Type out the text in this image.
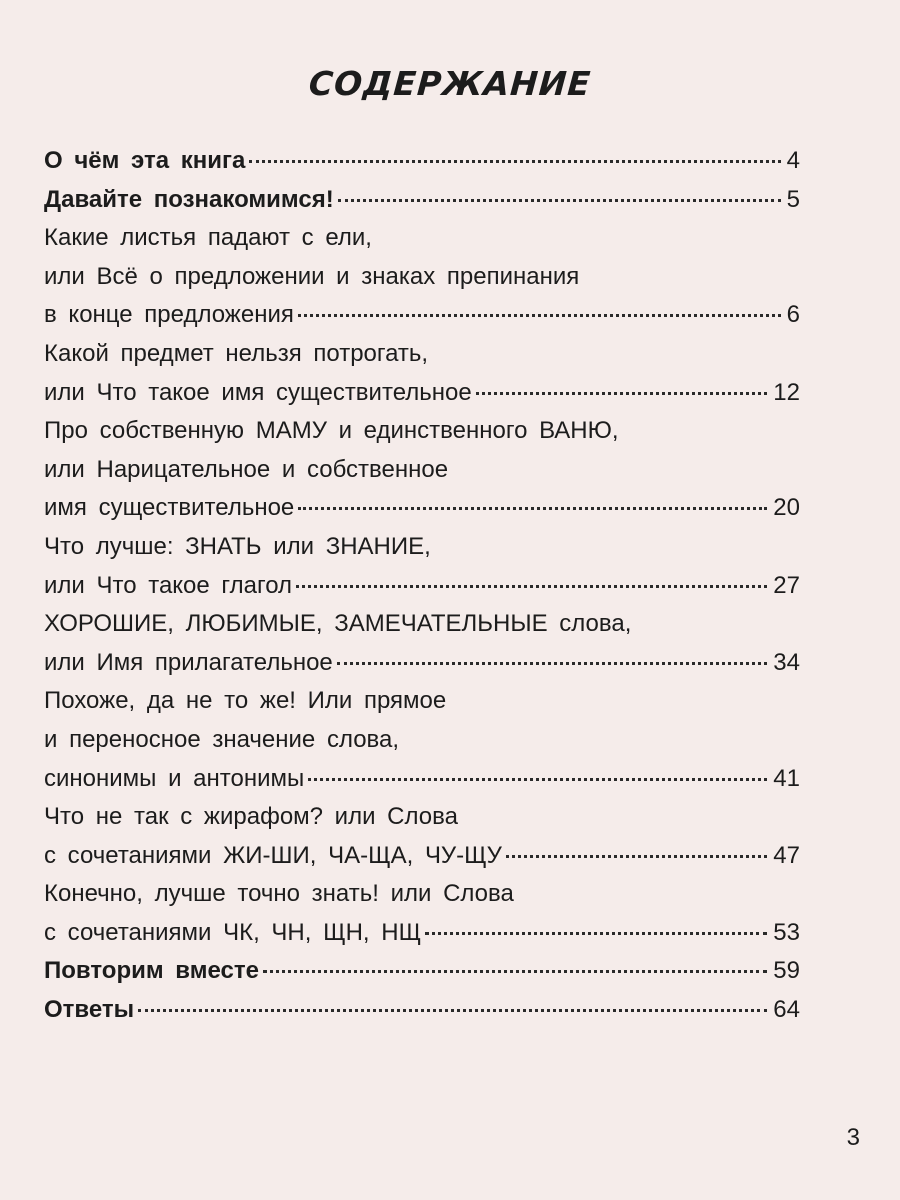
СОДЕРЖАНИЕ
О чём эта книга	4
Давайте познакомимся!	5
Какие листья падают с ели,
или Всё о предложении и знаках препинания
в конце предложения	6
Какой предмет нельзя потрогать,
или Что такое имя существительное	12
Про собственную МАМУ и единственного ВАНЮ,
или Нарицательное и собственное
имя существительное	20
Что лучше: ЗНАТЬ или ЗНАНИЕ,
или Что такое глагол	27
ХОРОШИЕ, ЛЮБИМЫЕ, ЗАМЕЧАТЕЛЬНЫЕ слова,
или Имя прилагательное	34
Похоже, да не то же! Или прямое
и переносное значение слова,
синонимы и антонимы	41
Что не так с жирафом? или Слова
с сочетаниями ЖИ-ШИ, ЧА-ЩА, ЧУ-ЩУ	47
Конечно, лучше точно знать! или Слова
с сочетаниями ЧК, ЧН, ЩН, НЩ	53
Повторим вместе	59
Ответы	64
3
